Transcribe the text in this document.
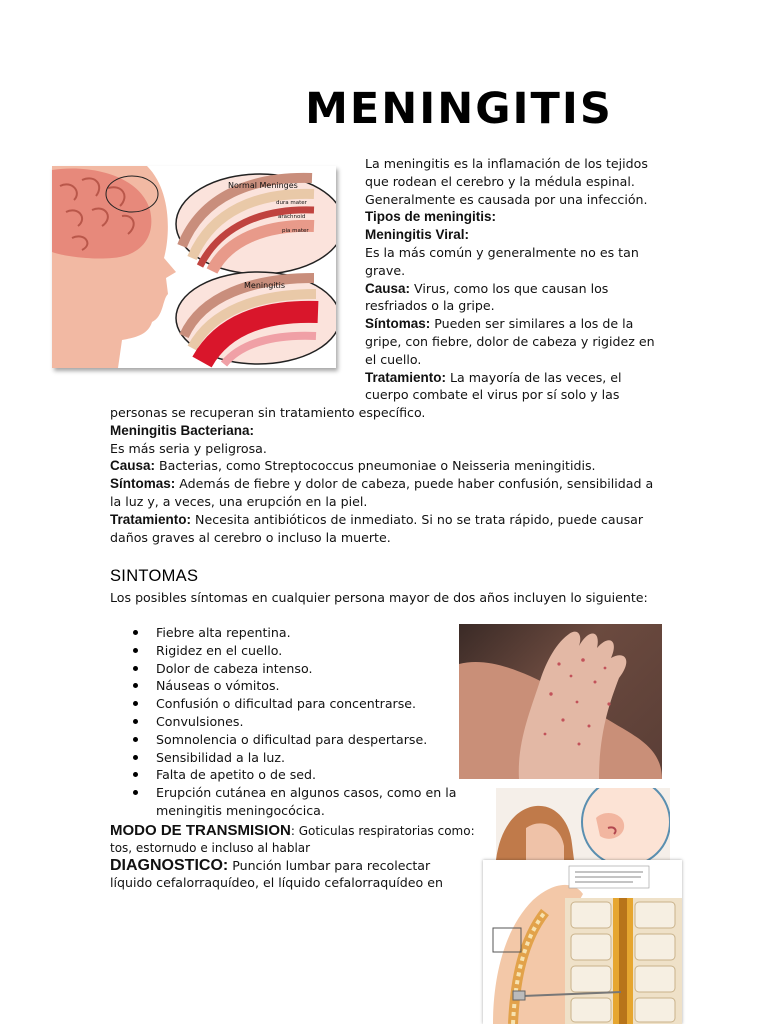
MENINGITIS
Normal Meninges
dura mater
arachnoid
pia mater
Meningitis
La meningitis es la inflamación de los tejidos
que rodean el cerebro y la médula espinal.
Generalmente es causada por una infección.
Tipos de meningitis:
Meningitis Viral:
Es la más común y generalmente no es tan
grave.
Causa: Virus, como los que causan los
resfriados o la gripe.
Síntomas: Pueden ser similares a los de la
gripe, con fiebre, dolor de cabeza y rigidez en
el cuello.
Tratamiento: La mayoría de las veces, el
cuerpo combate el virus por sí solo y las
personas se recuperan sin tratamiento específico.
Meningitis Bacteriana:
Es más seria y peligrosa.
Causa: Bacterias, como Streptococcus pneumoniae o Neisseria meningitidis.
Síntomas: Además de fiebre y dolor de cabeza, puede haber confusión, sensibilidad a
la luz y, a veces, una erupción en la piel.
Tratamiento: Necesita antibióticos de inmediato. Si no se trata rápido, puede causar
daños graves al cerebro o incluso la muerte.
SINTOMAS
Los posibles síntomas en cualquier persona mayor de dos años incluyen lo siguiente:
Fiebre alta repentina.
Rigidez en el cuello.
Dolor de cabeza intenso.
Náuseas o vómitos.
Confusión o dificultad para concentrarse.
Convulsiones.
Somnolencia o dificultad para despertarse.
Sensibilidad a la luz.
Falta de apetito o de sed.
Erupción cutánea en algunos casos, como en la
meningitis meningocócica.
MODO DE TRANSMISION: Goticulas respiratorias como:
tos, estornudo e incluso al hablar
DIAGNOSTICO: Punción lumbar para recolectar
líquido cefalorraquídeo, el líquido cefalorraquídeo en
